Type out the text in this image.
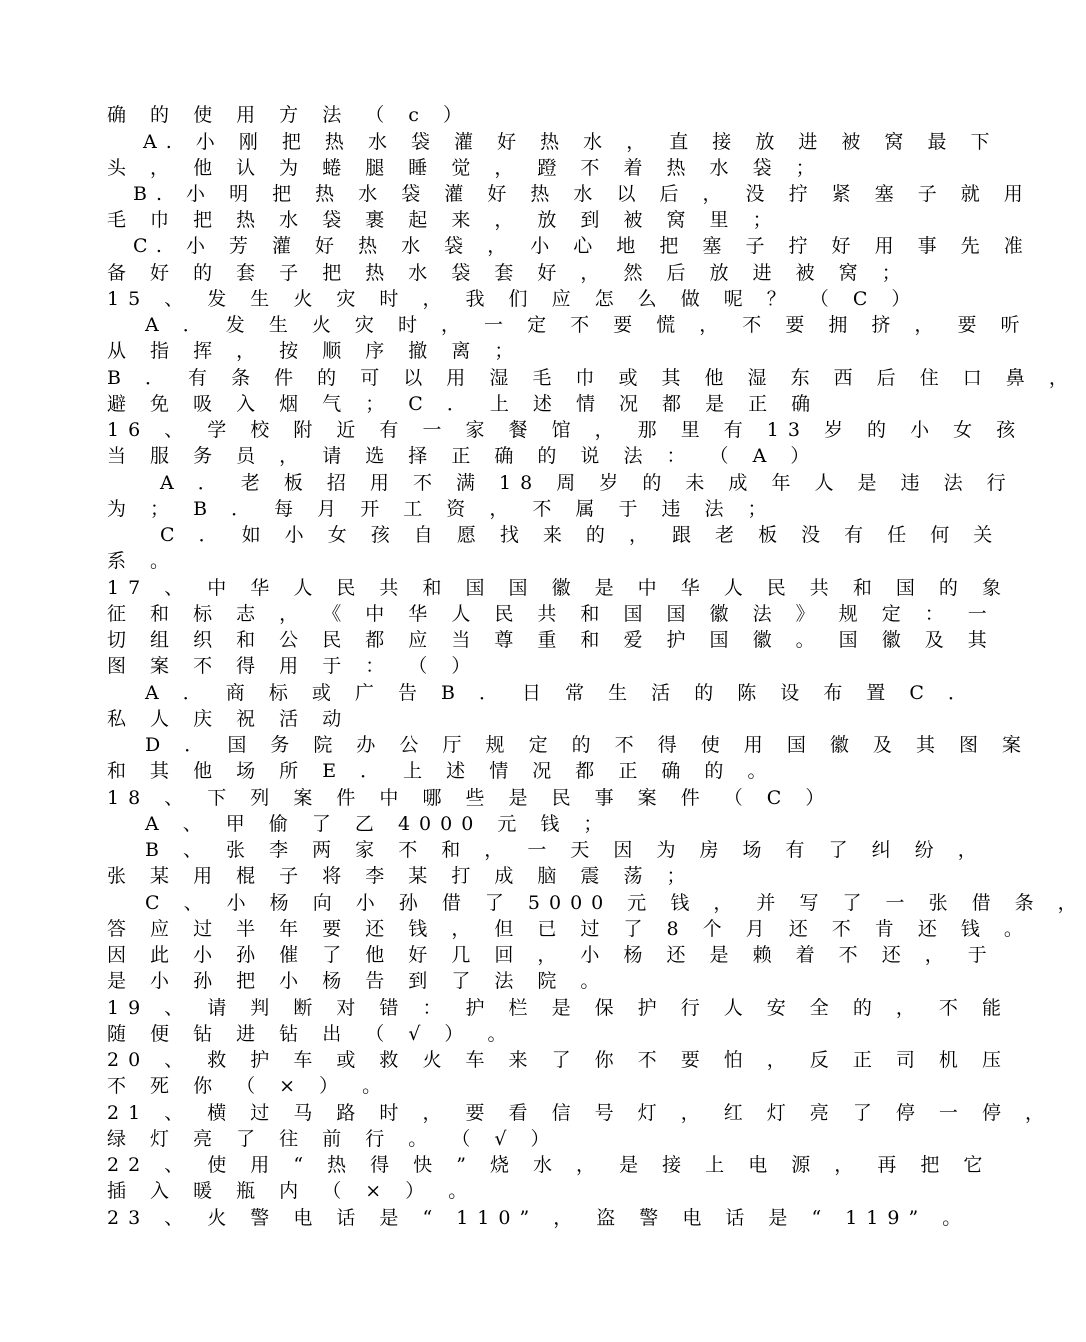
确 的 使 用 方 法 （ c ）
A. 小 刚 把 热 水 袋 灌 好 热 水 ， 直 接 放 进 被 窝 最 下
头 ， 他 认 为 蜷 腿 睡 觉 ， 蹬 不 着 热 水 袋 ；
B. 小 明 把 热 水 袋 灌 好 热 水 以 后 ， 没 拧 紧 塞 子 就 用
毛 巾 把 热 水 袋 裹 起 来 ， 放 到 被 窝 里 ；
C. 小 芳 灌 好 热 水 袋 ， 小 心 地 把 塞 子 拧 好 用 事 先 准
备 好 的 套 子 把 热 水 袋 套 好 ， 然 后 放 进 被 窝 ；
15 、 发 生 火 灾 时 ， 我 们 应 怎 么 做 呢 ？ （ C ）
A ． 发 生 火 灾 时 ， 一 定 不 要 慌 ， 不 要 拥 挤 ， 要 听
从 指 挥 ， 按 顺 序 撤 离 ；
B ． 有 条 件 的 可 以 用 湿 毛 巾 或 其 他 湿 东 西 后 住 口 鼻 ，
避 免 吸 入 烟 气 ； C ． 上 述 情 况 都 是 正 确
16 、 学 校 附 近 有 一 家 餐 馆 ， 那 里 有 13 岁 的 小 女 孩
当 服 务 员 ， 请 选 择 正 确 的 说 法 ： （ A ）
A ． 老 板 招 用 不 满 18 周 岁 的 未 成 年 人 是 违 法 行
为 ； B ． 每 月 开 工 资 ， 不 属 于 违 法 ；
C ． 如 小 女 孩 自 愿 找 来 的 ， 跟 老 板 没 有 任 何 关
系 。
17 、 中 华 人 民 共 和 国 国 徽 是 中 华 人 民 共 和 国 的 象
征 和 标 志 ， 《 中 华 人 民 共 和 国 国 徽 法 》 规 定 ： 一
切 组 织 和 公 民 都 应 当 尊 重 和 爱 护 国 徽 。 国 徽 及 其
图 案 不 得 用 于 ： （ ）
A ． 商 标 或 广 告 B ． 日 常 生 活 的 陈 设 布 置 C ．
私 人 庆 祝 活 动
D ． 国 务 院 办 公 厅 规 定 的 不 得 使 用 国 徽 及 其 图 案
和 其 他 场 所 E ． 上 述 情 况 都 正 确 的 。
18 、 下 列 案 件 中 哪 些 是 民 事 案 件 （ C ）
A 、 甲 偷 了 乙 4000 元 钱 ；
B 、 张 李 两 家 不 和 ， 一 天 因 为 房 场 有 了 纠 纷 ，
张 某 用 棍 子 将 李 某 打 成 脑 震 荡 ；
C 、 小 杨 向 小 孙 借 了 5000 元 钱 ， 并 写 了 一 张 借 条 ，
答 应 过 半 年 要 还 钱 ， 但 已 过 了 8 个 月 还 不 肯 还 钱 。
因 此 小 孙 催 了 他 好 几 回 ， 小 杨 还 是 赖 着 不 还 ， 于
是 小 孙 把 小 杨 告 到 了 法 院 。
19 、 请 判 断 对 错 ： 护 栏 是 保 护 行 人 安 全 的 ， 不 能
随 便 钻 进 钻 出 （ √ ） 。
20 、 救 护 车 或 救 火 车 来 了 你 不 要 怕 ， 反 正 司 机 压
不 死 你 （ × ） 。
21 、 横 过 马 路 时 ， 要 看 信 号 灯 ， 红 灯 亮 了 停 一 停 ，
绿 灯 亮 了 往 前 行 。 （ √ ）
22 、 使 用 “ 热 得 快 ” 烧 水 ， 是 接 上 电 源 ， 再 把 它
插 入 暖 瓶 内 （ × ） 。
23 、 火 警 电 话 是 “ 110” ， 盗 警 电 话 是 “ 119” 。
